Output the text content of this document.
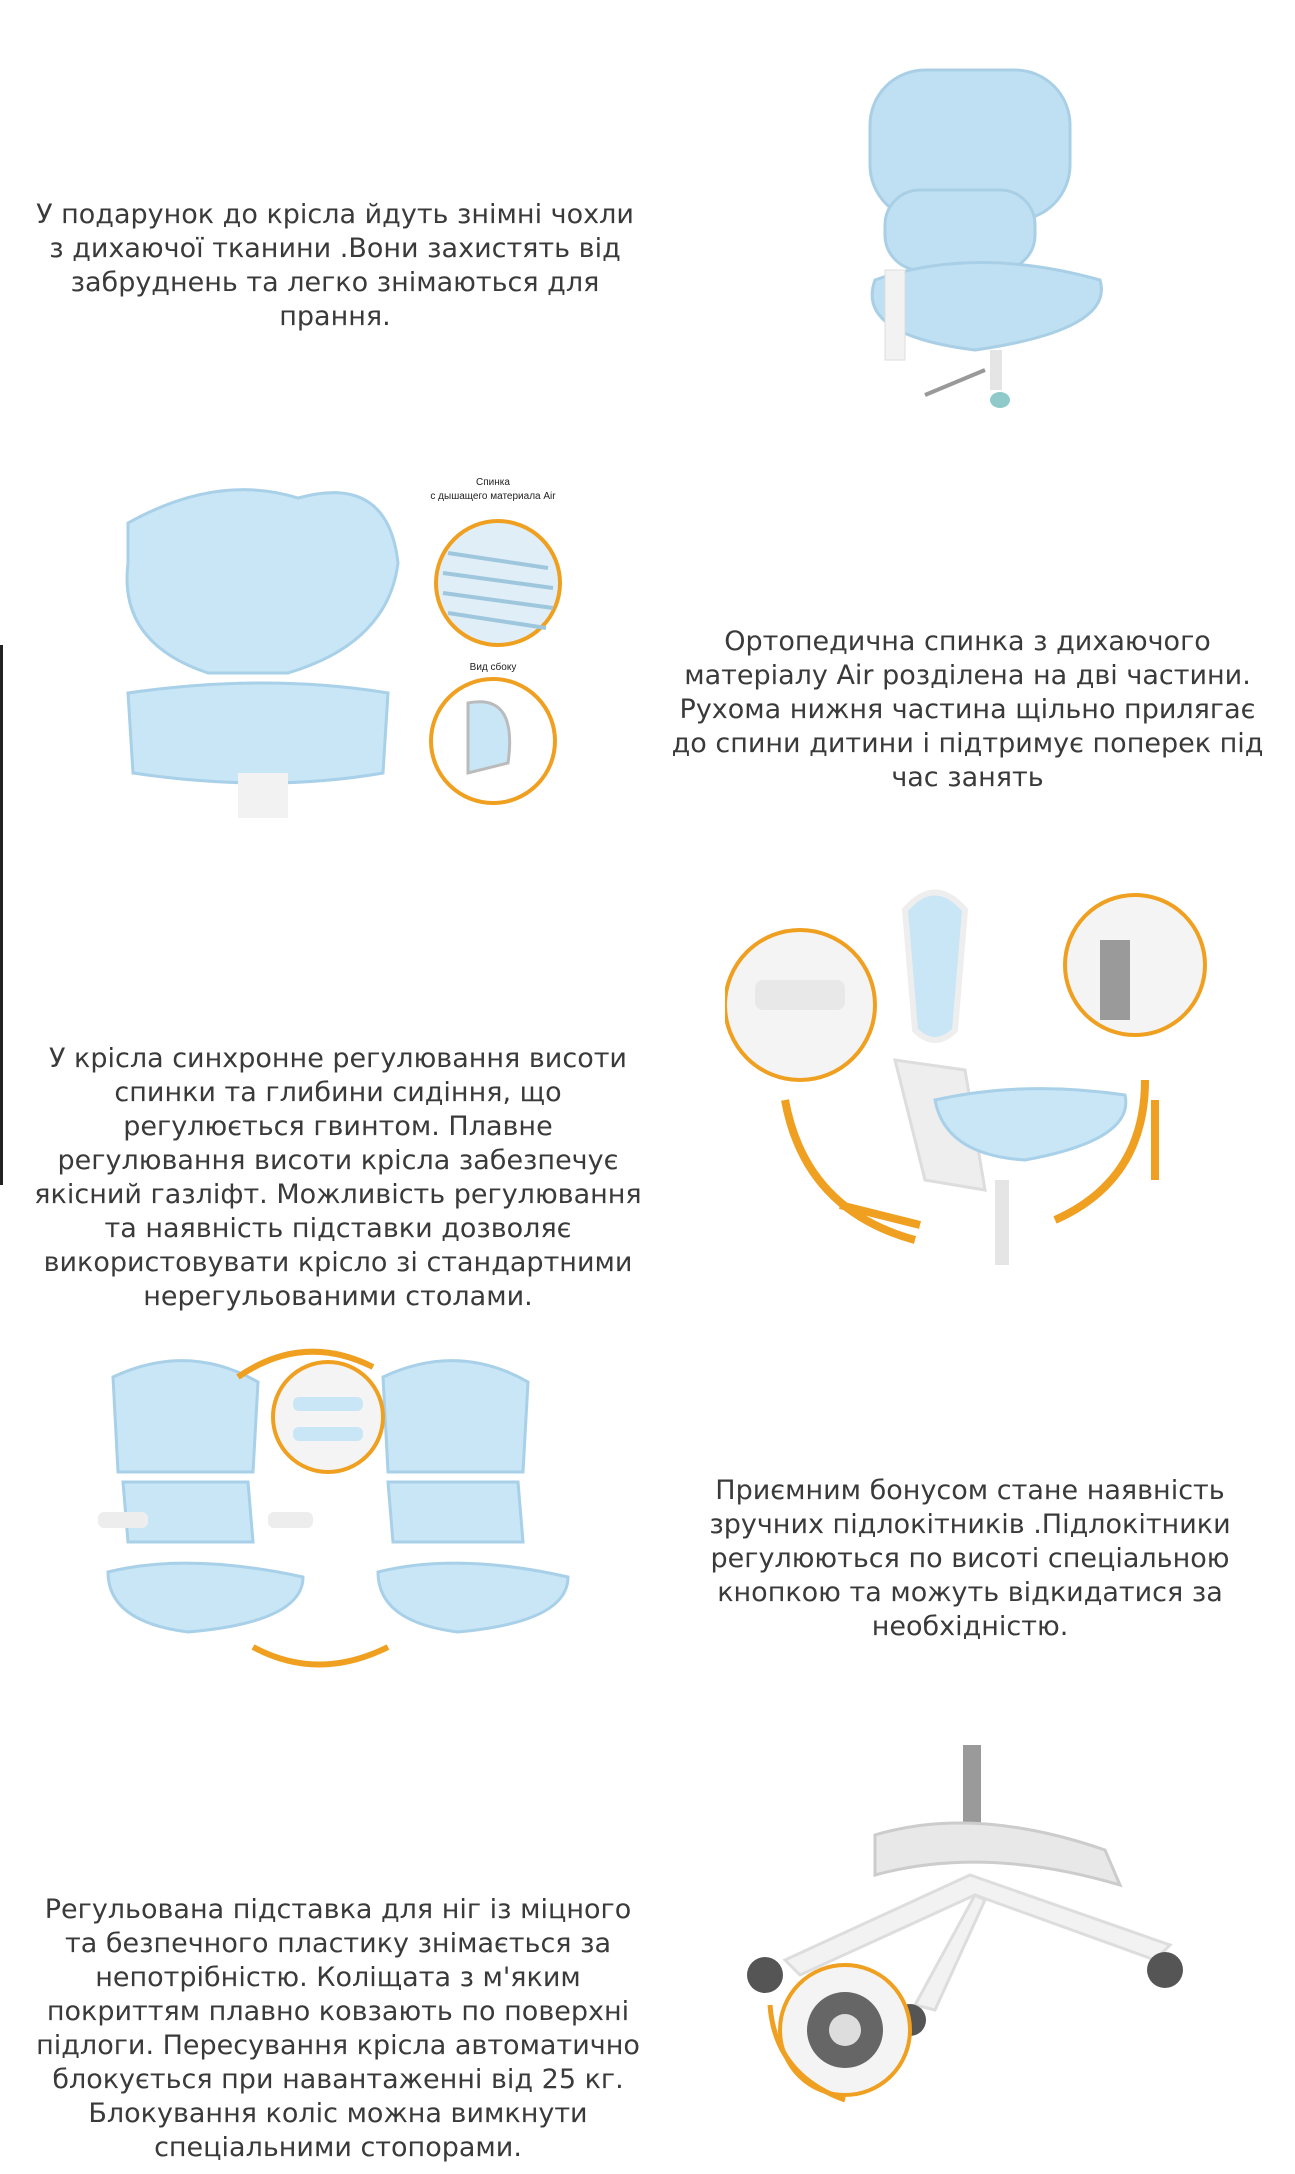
У подарунок до крісла йдуть знімні чохли з дихаючої тканини .Вони захистять від забруднень та легко знімаються для прання.
Спинка
с дышащего материала Air
Вид сбоку
Ортопедична спинка з дихаючого матеріалу Air розділена на дві частини. Рухома нижня частина щільно прилягає до спини дитини і підтримує поперек під час занять
У крісла синхронне регулювання висоти спинки та глибини сидіння, що регулюється гвинтом. Плавне регулювання висоти крісла забезпечує якісний газліфт. Можливість регулювання та наявність підставки дозволяє використовувати крісло зі стандартними нерегульованими столами.
Приємним бонусом стане наявність зручних підлокітників .Підлокітники регулюються по висоті спеціальною кнопкою та можуть відкидатися за необхідністю.
Регульована підставка для ніг із міцного та безпечного пластику знімається за непотрібністю. Коліщата з м'яким покриттям плавно ковзають по поверхні підлоги. Пересування крісла автоматично блокується при навантаженні від 25 кг. Блокування коліс можна вимкнути спеціальними стопорами.
